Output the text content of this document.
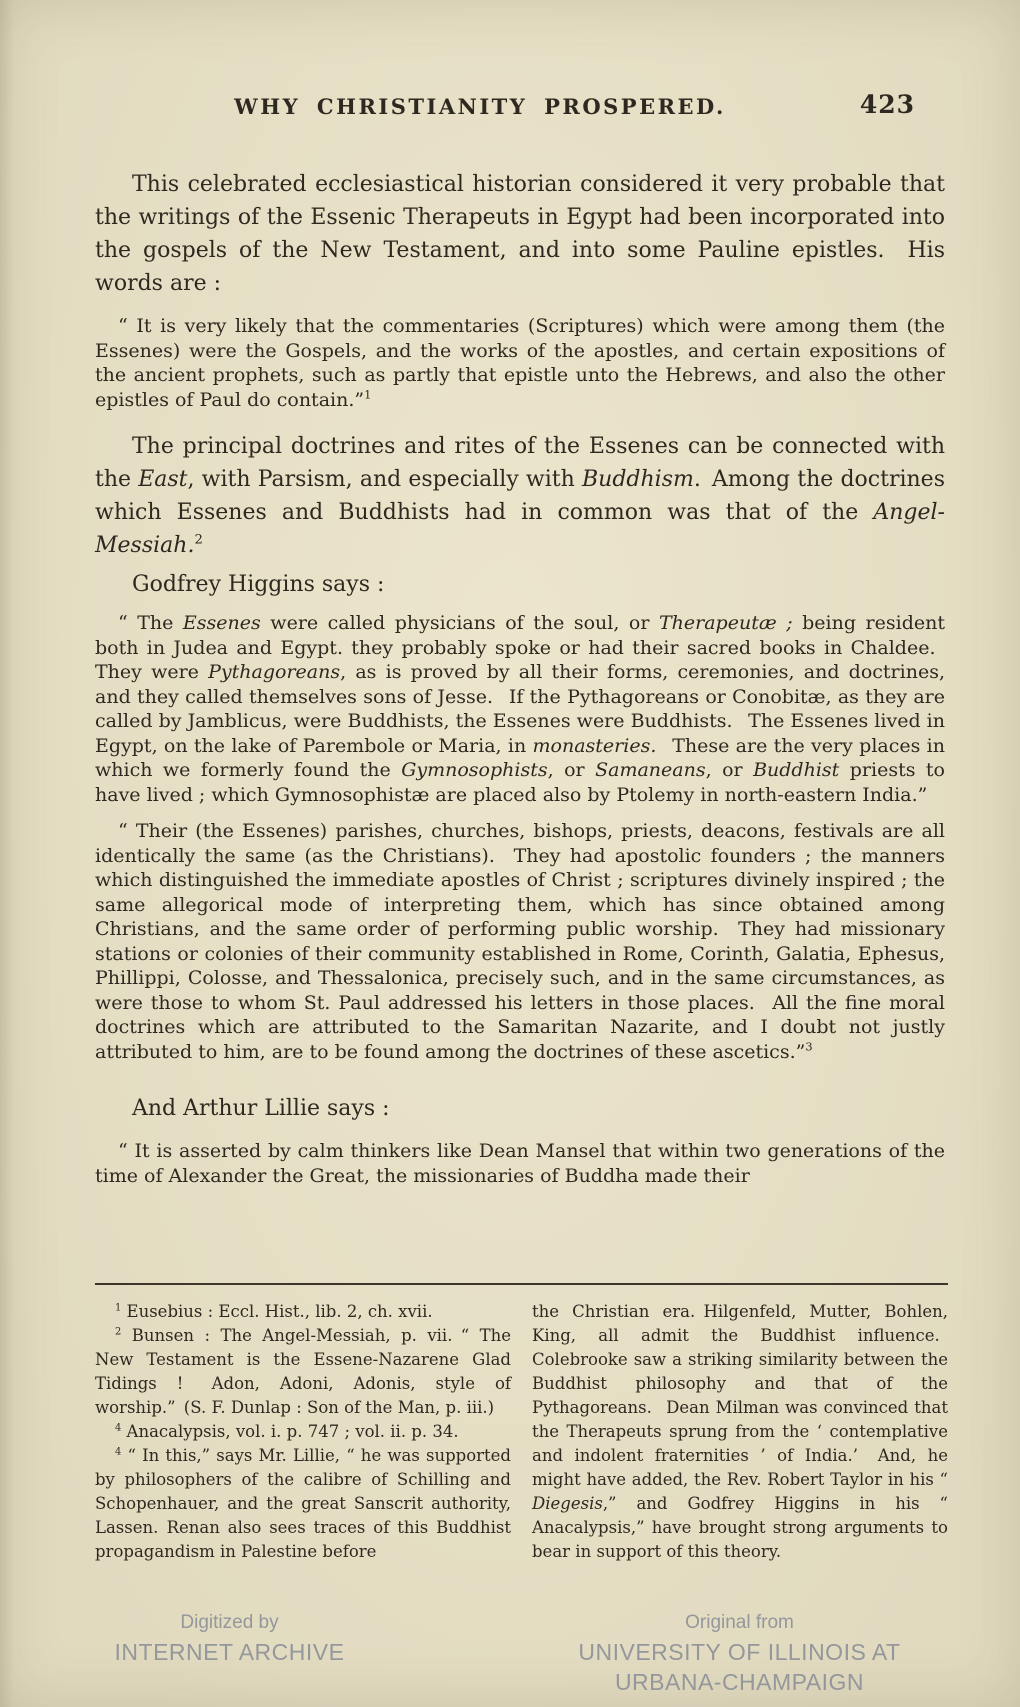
WHY CHRISTIANITY PROSPERED.	423

This celebrated ecclesiastical historian considered it very probable that the writings of the Essenic Therapeuts in Egypt had been incorporated into the gospels of the New Testament, and into some Pauline epistles.  His words are :

“ It is very likely that the commentaries (Scriptures) which were among them (the Essenes) were the Gospels, and the works of the apostles, and certain expositions of the ancient prophets, such as partly that epistle unto the Hebrews, and also the other epistles of Paul do contain.”$^1$

The principal doctrines and rites of the Essenes can be connected with the East, with Parsism, and especially with Buddhism. Among the doctrines which Essenes and Buddhists had in common was that of the Angel-Messiah.$^2$

Godfrey Higgins says :

“ The Essenes were called physicians of the soul, or Therapeutæ ; being resident both in Judea and Egypt. they probably spoke or had their sacred books in Chaldee.  They were Pythagoreans, as is proved by all their forms, ceremonies, and doctrines, and they called themselves sons of Jesse.  If the Pythagoreans or Conobitæ, as they are called by Jamblicus, were Buddhists, the Essenes were Buddhists.  The Essenes lived in Egypt, on the lake of Parembole or Maria, in monasteries.  These are the very places in which we formerly found the Gymnosophists, or Samaneans, or Buddhist priests to have lived ; which Gymnosophistæ are placed also by Ptolemy in north-eastern India.”

“ Their (the Essenes) parishes, churches, bishops, priests, deacons, festivals are all identically the same (as the Christians).  They had apostolic founders ; the manners which distinguished the immediate apostles of Christ ; scriptures divinely inspired ; the same allegorical mode of interpreting them, which has since obtained among Christians, and the same order of performing public worship.  They had missionary stations or colonies of their community established in Rome, Corinth, Galatia, Ephesus, Phillippi, Colosse, and Thessalonica, precisely such, and in the same circumstances, as were those to whom St. Paul addressed his letters in those places.  All the fine moral doctrines which are attributed to the Samaritan Nazarite, and I doubt not justly attributed to him, are to be found among the doctrines of these ascetics.”$^3$

And Arthur Lillie says :

“ It is asserted by calm thinkers like Dean Mansel that within two generations of the time of Alexander the Great, the missionaries of Buddha made their

$^1$ Eusebius : Eccl. Hist., lib. 2, ch. xvii.

$^2$ Bunsen : The Angel-Messiah, p. vii. “ The New Testament is the Essene-Nazarene Glad Tidings !  Adon, Adoni, Adonis, style of worship.” (S. F. Dunlap : Son of the Man, p. iii.)

$^4$ Anacalypsis, vol. i. p. 747 ; vol. ii. p. 34.

$^4$ “ In this,” says Mr. Lillie, “ he was supported by philosophers of the calibre of Schilling and Schopenhauer, and the great Sanscrit authority, Lassen. Renan also sees traces of this Buddhist propagandism in Palestine before

the Christian era. Hilgenfeld, Mutter, Bohlen, King, all admit the Buddhist influence.  Colebrooke saw a striking similarity between the Buddhist philosophy and that of the Pythagoreans.  Dean Milman was convinced that the Therapeuts sprung from the ‘ contemplative and indolent fraternities ’ of India.’  And, he might have added, the Rev. Robert Taylor in his “ Diegesis,” and Godfrey Higgins in his “ Anacalypsis,” have brought strong arguments to bear in support of this theory.

Digitized by
INTERNET ARCHIVE
Original from
UNIVERSITY OF ILLINOIS AT
URBANA-CHAMPAIGN
